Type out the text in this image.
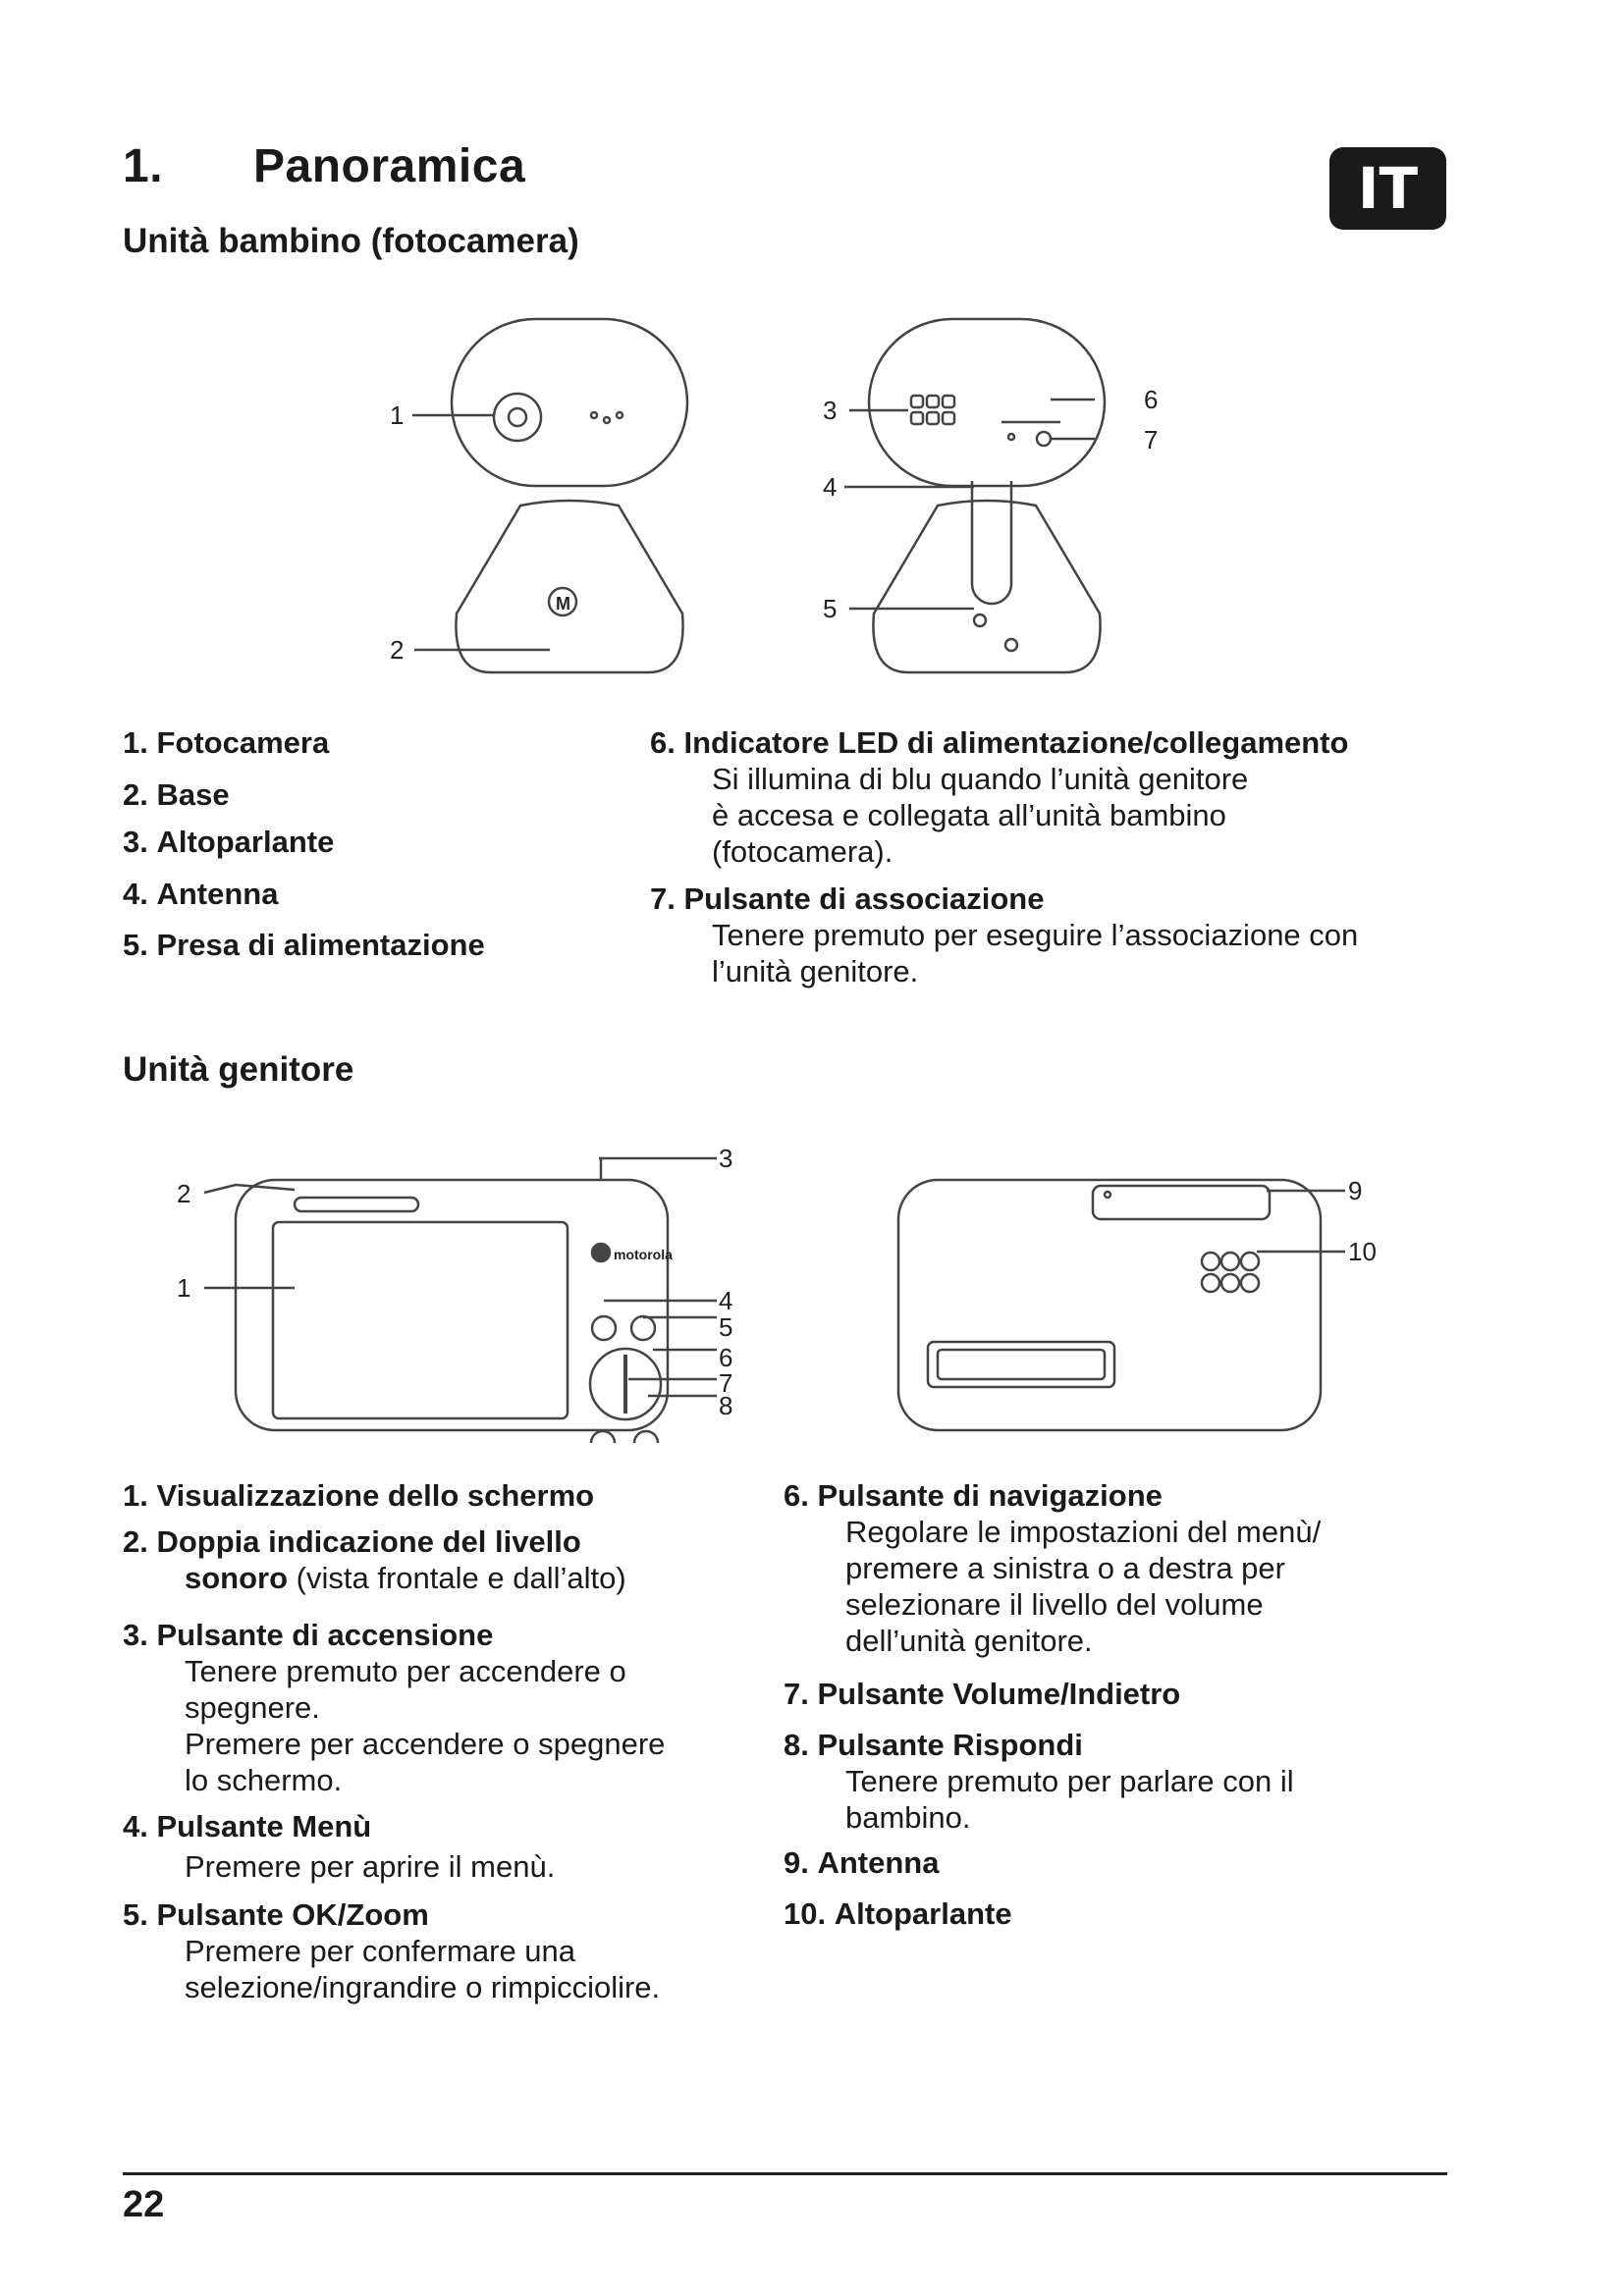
1. Panoramica	IT
Unità bambino (fotocamera)
1
2
3
4
5
6
7
M
1. Fotocamera
2. Base
3. Altoparlante
4. Antenna
5. Presa di alimentazione
6. Indicatore LED di alimentazione/collegamento
Si illumina di blu quando l’unità genitore
è accesa e collegata all’unità bambino
(fotocamera).
7. Pulsante di associazione
Tenere premuto per eseguire l’associazione con
l’unità genitore.
Unità genitore
1
2
3
4
5
6
7
8
9
10
motorola
1. Visualizzazione dello schermo
2. Doppia indicazione del livello
sonoro (vista frontale e dall’alto)
3. Pulsante di accensione
Tenere premuto per accendere o
spegnere.
Premere per accendere o spegnere
lo schermo.
4. Pulsante Menù
Premere per aprire il menù.
5. Pulsante OK/Zoom
Premere per confermare una
selezione/ingrandire o rimpicciolire.
6. Pulsante di navigazione
Regolare le impostazioni del menù/
premere a sinistra o a destra per
selezionare il livello del volume
dell’unità genitore.
7. Pulsante Volume/Indietro
8. Pulsante Rispondi
Tenere premuto per parlare con il
bambino.
9. Antenna
10. Altoparlante
22
